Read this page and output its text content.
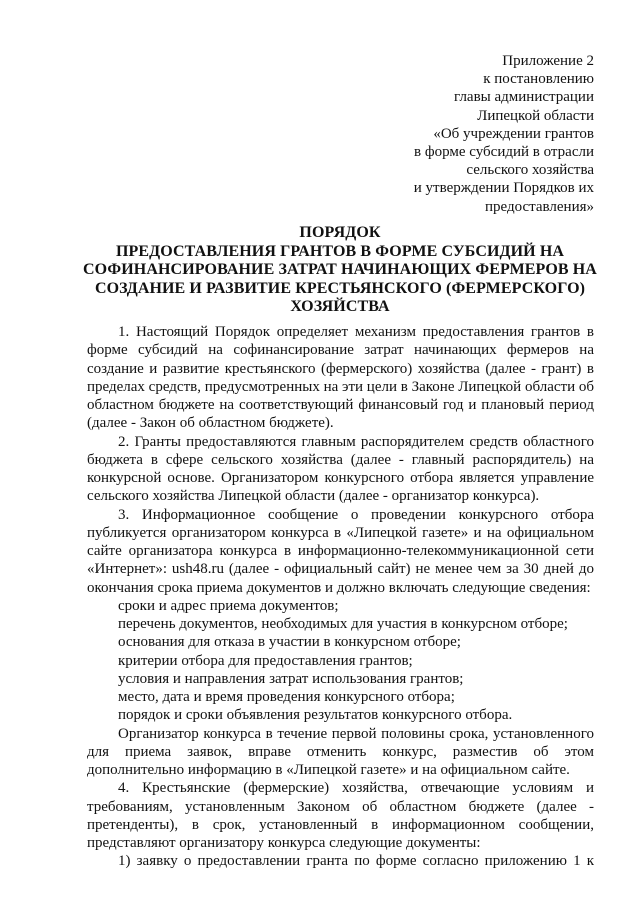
Приложение 2
к постановлению
главы администрации
Липецкой области
«Об учреждении грантов
в форме субсидий в отрасли
сельского хозяйства
и утверждении Порядков их
предоставления»
ПОРЯДОК
ПРЕДОСТАВЛЕНИЯ ГРАНТОВ В ФОРМЕ СУБСИДИЙ НА
СОФИНАНСИРОВАНИЕ ЗАТРАТ НАЧИНАЮЩИХ ФЕРМЕРОВ НА
СОЗДАНИЕ И РАЗВИТИЕ КРЕСТЬЯНСКОГО (ФЕРМЕРСКОГО)
ХОЗЯЙСТВА

1. Настоящий Порядок определяет механизм предоставления грантов в форме субсидий на софинансирование затрат начинающих фермеров на создание и развитие крестьянского (фермерского) хозяйства (далее - грант) в пределах средств, предусмотренных на эти цели в Законе Липецкой области об областном бюджете на соответствующий финансовый год и плановый период (далее - Закон об областном бюджете).

2. Гранты предоставляются главным распорядителем средств областного бюджета в сфере сельского хозяйства (далее - главный распорядитель) на конкурсной основе. Организатором конкурсного отбора является управление сельского хозяйства Липецкой области (далее - организатор конкурса).

3. Информационное сообщение о проведении конкурсного отбора публикуется организатором конкурса в «Липецкой газете» и на официальном сайте организатора конкурса в информационно-телекоммуникационной сети «Интернет»: ush48.ru (далее - официальный сайт) не менее чем за 30 дней до окончания срока приема документов и должно включать следующие сведения:

сроки и адрес приема документов;

перечень документов, необходимых для участия в конкурсном отборе;

основания для отказа в участии в конкурсном отборе;

критерии отбора для предоставления грантов;

условия и направления затрат использования грантов;

место, дата и время проведения конкурсного отбора;

порядок и сроки объявления результатов конкурсного отбора.

Организатор конкурса в течение первой половины срока, установленного для приема заявок, вправе отменить конкурс, разместив об этом дополнительно информацию в «Липецкой газете» и на официальном сайте.

4. Крестьянские (фермерские) хозяйства, отвечающие условиям и требованиям, установленным Законом об областном бюджете (далее - претенденты), в срок, установленный в информационном сообщении, представляют организатору конкурса следующие документы:

1) заявку о предоставлении гранта по форме согласно приложению 1 к
